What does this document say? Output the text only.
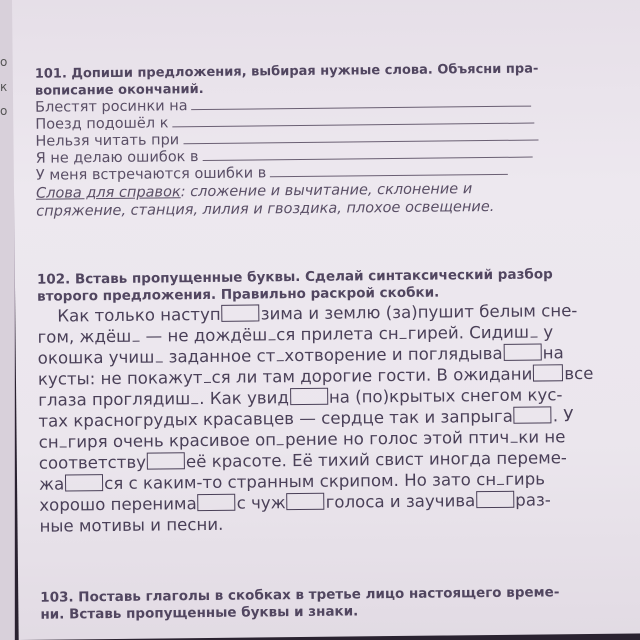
о
к
о
101. Допиши предложения, выбирая нужные слова. Объясни пра-
вописание окончаний.
Блестят росинки на
Поезд подошёл к
Нельзя читать при
Я не делаю ошибок в
У меня встречаются ошибки в
Слова для справок: сложение и вычитание, склонение и
спряжение, станция, лилия и гвоздика, плохое освещение.
102. Вставь пропущенные буквы. Сделай синтаксический разбор
второго предложения. Правильно раскрой скобки.
Как только наступ зима и землю (за)пушит белым сне-
гом, ждёш — не дождёш ся прилета сн гирей. Сидиш у
окошка учиш заданное ст хотворение и поглядыва на
кусты: не покажут ся ли там дорогие гости. В ожидани все
глаза проглядиш . Как увид на (по)крытых снегом кус-
тах красногрудых красавцев — сердце так и запрыга . У
сн гиря очень красивое оп рение но голос этой птич ки не
соответству её красоте. Её тихий свист иногда переме-
жа ся с каким-то странным скрипом. Но зато сн гирь
хорошо перенима с чуж голоса и заучива раз-
ные мотивы и песни.
103. Поставь глаголы в скобках в третье лицо настоящего време-
ни. Вставь пропущенные буквы и знаки.
